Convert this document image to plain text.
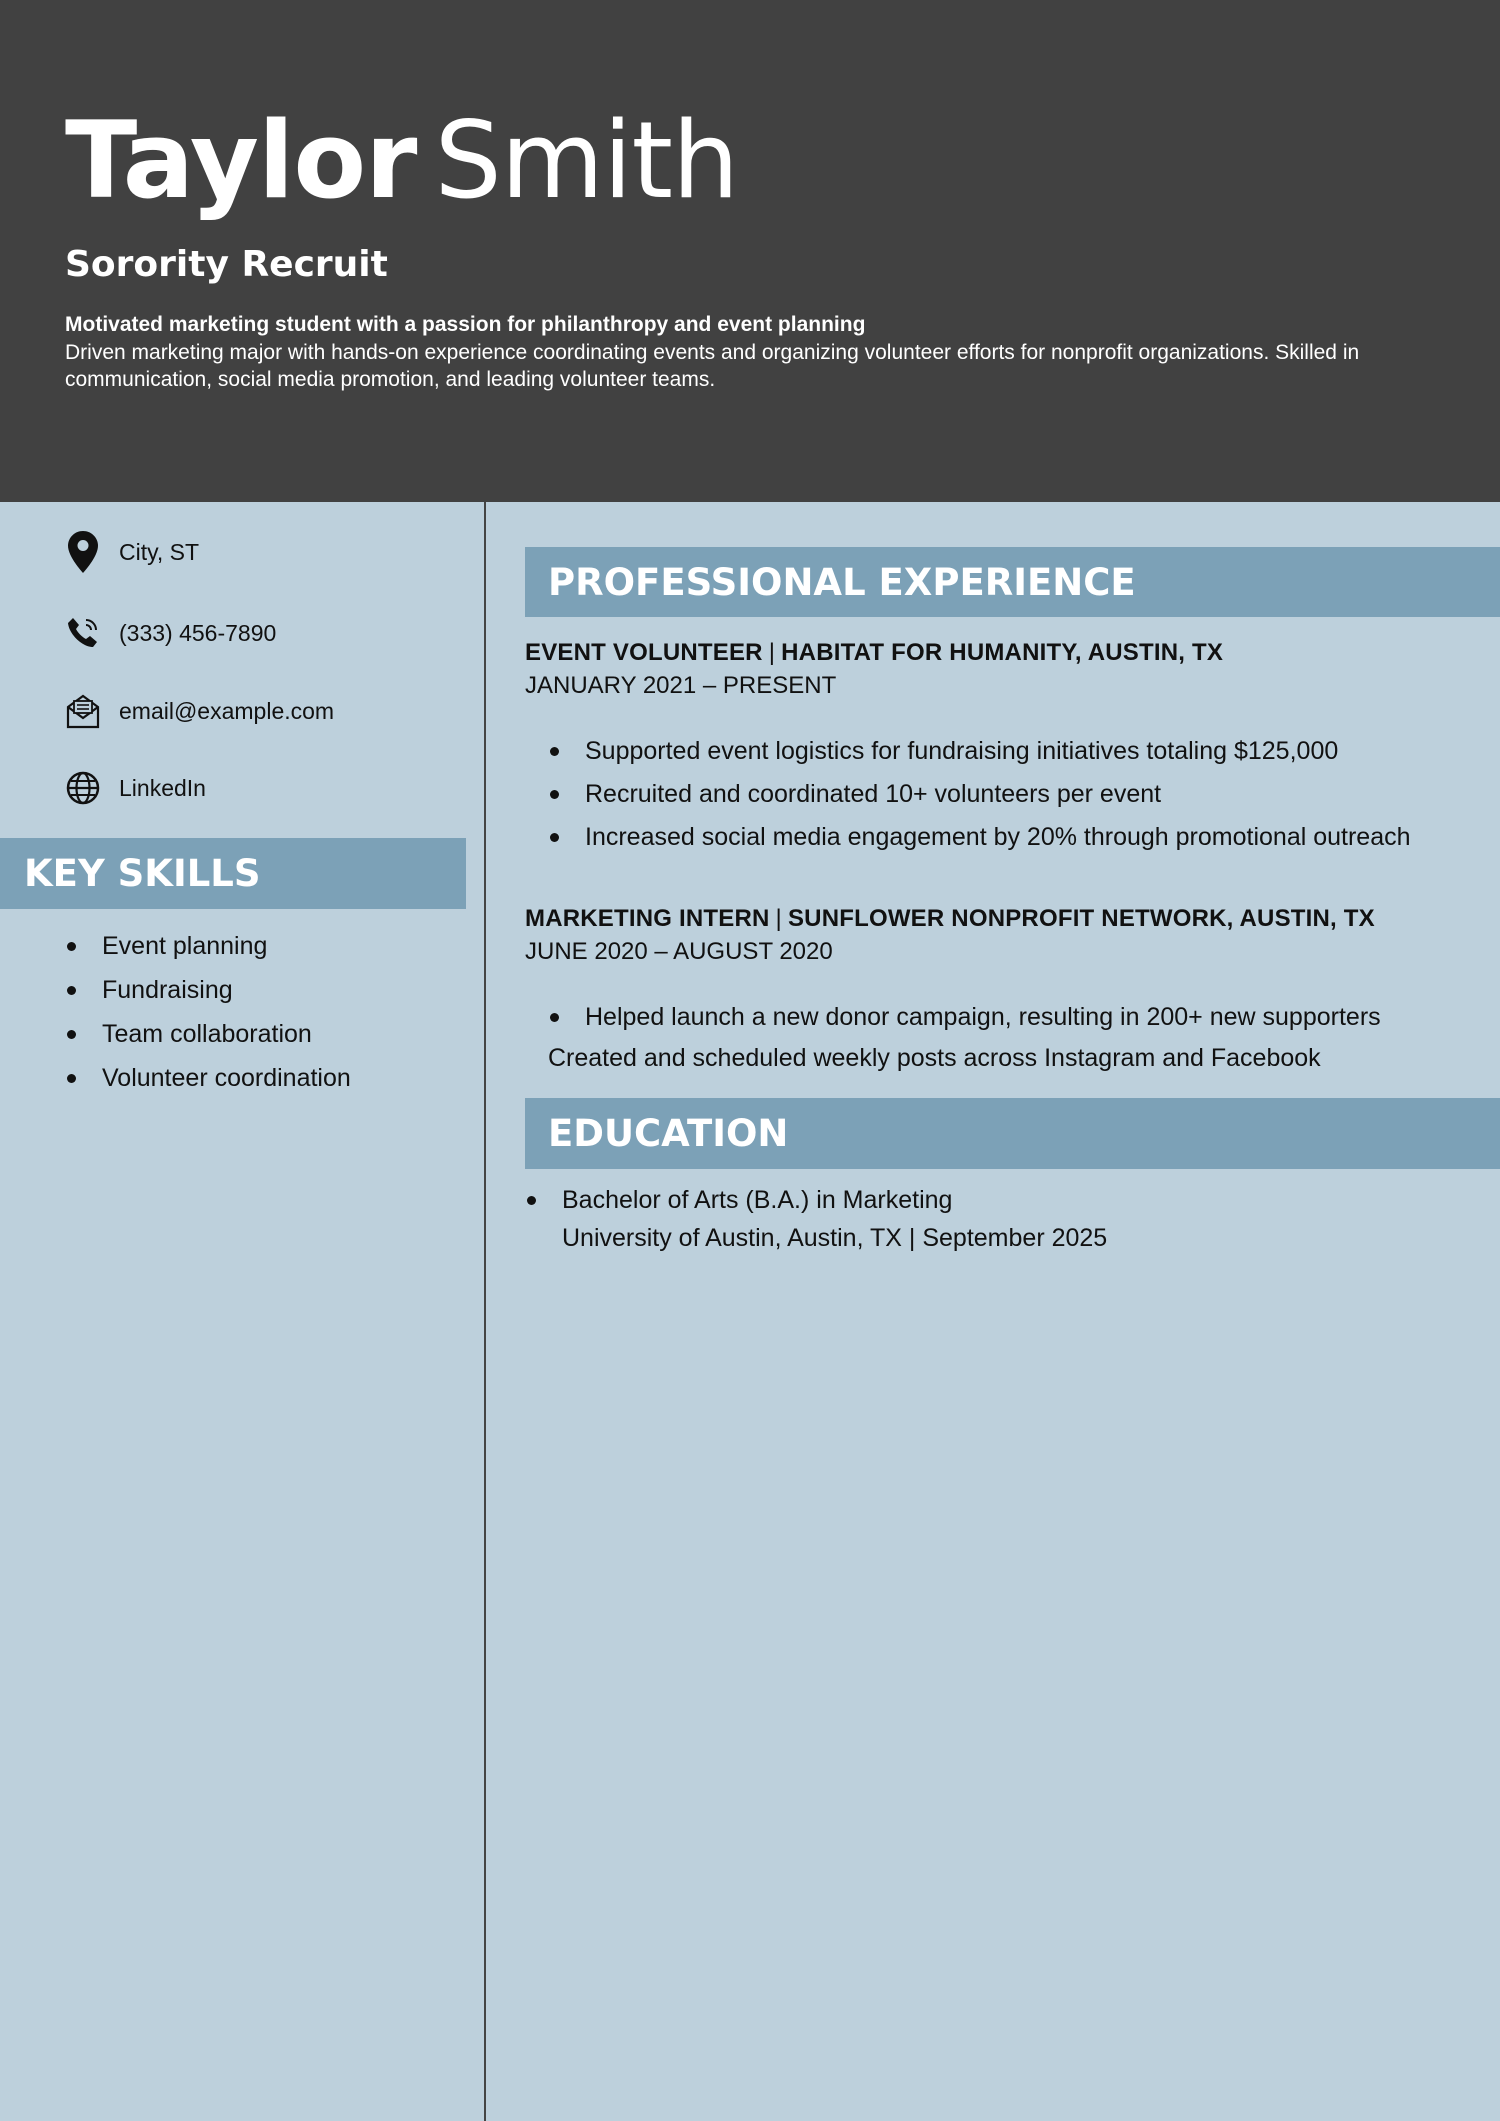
Taylor Smith
Sorority Recruit
Motivated marketing student with a passion for philanthropy and event planning
Driven marketing major with hands-on experience coordinating events and organizing volunteer efforts for nonprofit organizations. Skilled in communication, social media promotion, and leading volunteer teams.
City, ST
(333) 456-7890
email@example.com
LinkedIn
KEY SKILLS
Event planning
Fundraising
Team collaboration
Volunteer coordination
PROFESSIONAL EXPERIENCE
EVENT VOLUNTEER | HABITAT FOR HUMANITY, AUSTIN, TX
JANUARY 2021 – PRESENT
Supported event logistics for fundraising initiatives totaling $125,000
Recruited and coordinated 10+ volunteers per event
Increased social media engagement by 20% through promotional outreach
MARKETING INTERN | SUNFLOWER NONPROFIT NETWORK, AUSTIN, TX
JUNE 2020 – AUGUST 2020
Helped launch a new donor campaign, resulting in 200+ new supporters
Created and scheduled weekly posts across Instagram and Facebook
EDUCATION
Bachelor of Arts (B.A.) in Marketing
University of Austin, Austin, TX | September 2025
